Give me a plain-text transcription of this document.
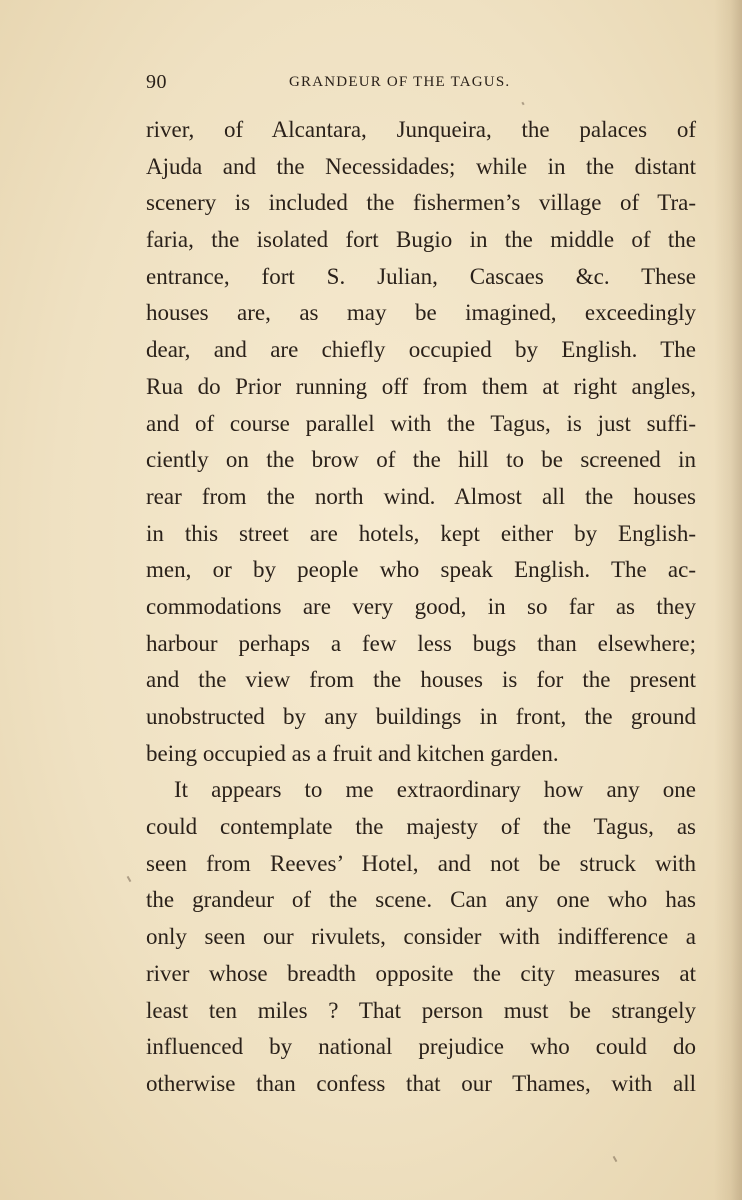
90	GRANDEUR OF THE TAGUS.
river, of Alcantara, Junqueira, the palaces of
Ajuda and the Necessidades; while in the distant
scenery is included the fishermen’s village of Tra-
faria, the isolated fort Bugio in the middle of the
entrance, fort S. Julian, Cascaes &c. These
houses are, as may be imagined, exceedingly
dear, and are chiefly occupied by English. The
Rua do Prior running off from them at right angles,
and of course parallel with the Tagus, is just suffi-
ciently on the brow of the hill to be screened in
rear from the north wind. Almost all the houses
in this street are hotels, kept either by English-
men, or by people who speak English. The ac-
commodations are very good, in so far as they
harbour perhaps a few less bugs than elsewhere;
and the view from the houses is for the present
unobstructed by any buildings in front, the ground
being occupied as a fruit and kitchen garden.
It appears to me extraordinary how any one
could contemplate the majesty of the Tagus, as
seen from Reeves’ Hotel, and not be struck with
the grandeur of the scene. Can any one who has
only seen our rivulets, consider with indifference a
river whose breadth opposite the city measures at
least ten miles ? That person must be strangely
influenced by national prejudice who could do
otherwise than confess that our Thames, with all
